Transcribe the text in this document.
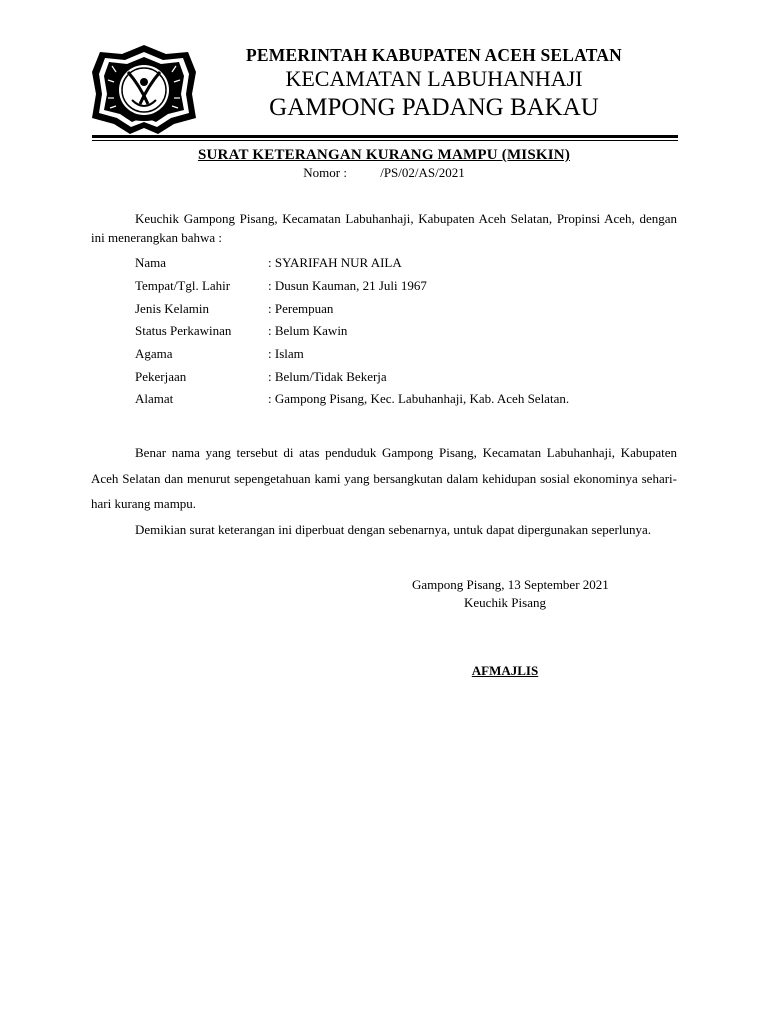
PEMERINTAH KABUPATEN ACEH SELATAN
KECAMATAN LABUHANHAJI
GAMPONG PADANG BAKAU
SURAT KETERANGAN KURANG MAMPU (MISKIN)
Nomor :	/PS/02/AS/2021
Keuchik Gampong Pisang, Kecamatan Labuhanhaji, Kabupaten Aceh Selatan, Propinsi Aceh, dengan ini menerangkan bahwa :
Nama	: SYARIFAH NUR AILA
Tempat/Tgl. Lahir	: Dusun Kauman, 21 Juli 1967
Jenis Kelamin	: Perempuan
Status Perkawinan	: Belum Kawin
Agama	: Islam
Pekerjaan	: Belum/Tidak Bekerja
Alamat	: Gampong Pisang, Kec. Labuhanhaji, Kab. Aceh Selatan.
Benar nama yang tersebut di atas penduduk Gampong Pisang, Kecamatan Labuhanhaji, Kabupaten Aceh Selatan dan menurut sepengetahuan kami yang bersangkutan dalam kehidupan sosial ekonominya sehari-hari kurang mampu.
Demikian surat keterangan ini diperbuat dengan sebenarnya, untuk dapat dipergunakan seperlunya.
Gampong Pisang, 13 September 2021
Keuchik Pisang
AFMAJLIS
